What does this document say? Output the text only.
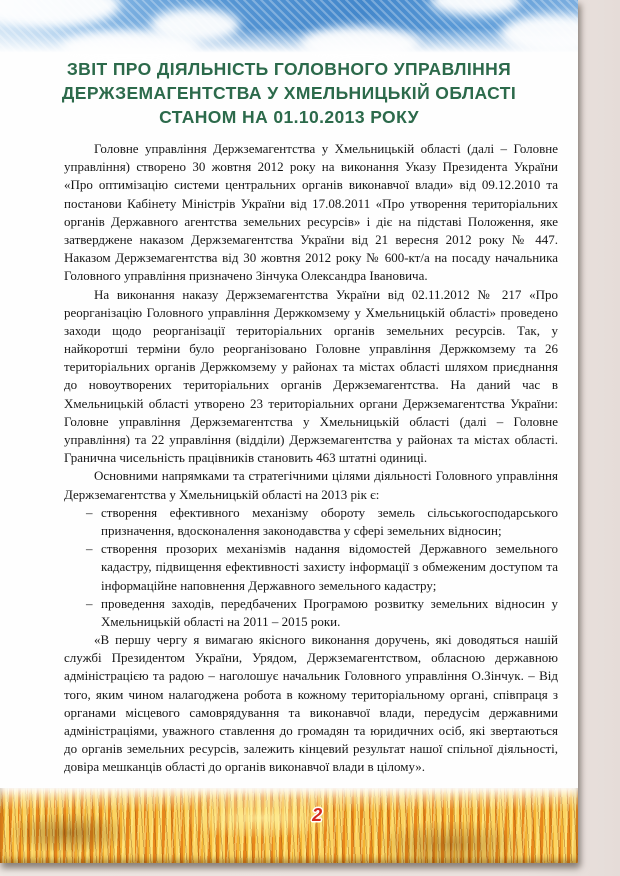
ЗВІТ ПРО ДІЯЛЬНІСТЬ ГОЛОВНОГО УПРАВЛІННЯ
ДЕРЖЗЕМАГЕНТСТВА У ХМЕЛЬНИЦЬКІЙ ОБЛАСТІ
СТАНОМ НА 01.10.2013 РОКУ

Головне управління Держземагентства у Хмельницькій області (далі – Головне управління) створено 30 жовтня 2012 року на виконання Указу Президента України «Про оптимізацію системи центральних органів виконавчої влади» від 09.12.2010 та постанови Кабінету Міністрів України від 17.08.2011 «Про утворення територіальних органів Державного агентства земельних ресурсів» і діє на підставі Положення, яке затверджене наказом Держземагентства України від 21 вересня 2012 року № 447. Наказом Держземагентства від 30 жовтня 2012 року № 600-кт/а на посаду начальника Головного управління призначено Зінчука Олександра Івановича.

На виконання наказу Держземагентства України від 02.11.2012 № 217 «Про реорганізацію Головного управління Держкомзему у Хмельницькій області» проведено заходи щодо реорганізації територіальних органів земельних ресурсів. Так, у найкоротші терміни було реорганізовано Головне управління Держкомзему та 26 територіальних органів Держкомзему у районах та містах області шляхом приєднання до новоутворених територіальних органів Держземагентства. На даний час в Хмельницькій області утворено 23 територіальних органи Держземагентства України: Головне управління Держземагентства у Хмельницькій області (далі – Головне управління) та 22 управління (відділи) Держземагентства у районах та містах області. Гранична чисельність працівників становить 463 штатні одиниці.

Основними напрямками та стратегічними цілями діяльності Головного управління Держземагентства у Хмельницькій області на 2013 рік є:

– створення ефективного механізму обороту земель сільськогосподарського призначення, вдосконалення законодавства у сфері земельних відносин;
– створення прозорих механізмів надання відомостей Державного земельного кадастру, підвищення ефективності захисту інформації з обмеженим доступом та інформаційне наповнення Державного земельного кадастру;
– проведення заходів, передбачених Програмою розвитку земельних відносин у Хмельницькій області на 2011 – 2015 роки.

«В першу чергу я вимагаю якісного виконання доручень, які доводяться нашій службі Президентом України, Урядом, Держземагентством, обласною державною адміністрацією та радою – наголошує начальник Головного управління О.Зінчук. – Від того, яким чином налагоджена робота в кожному територіальному органі, співпраця з органами місцевого самоврядування та виконавчої влади, передусім державними адміністраціями, уважного ставлення до громадян та юридичних осіб, які звертаються до органів земельних ресурсів, залежить кінцевий результат нашої спільної діяльності, довіра мешканців області до органів виконавчої влади в цілому».

2
